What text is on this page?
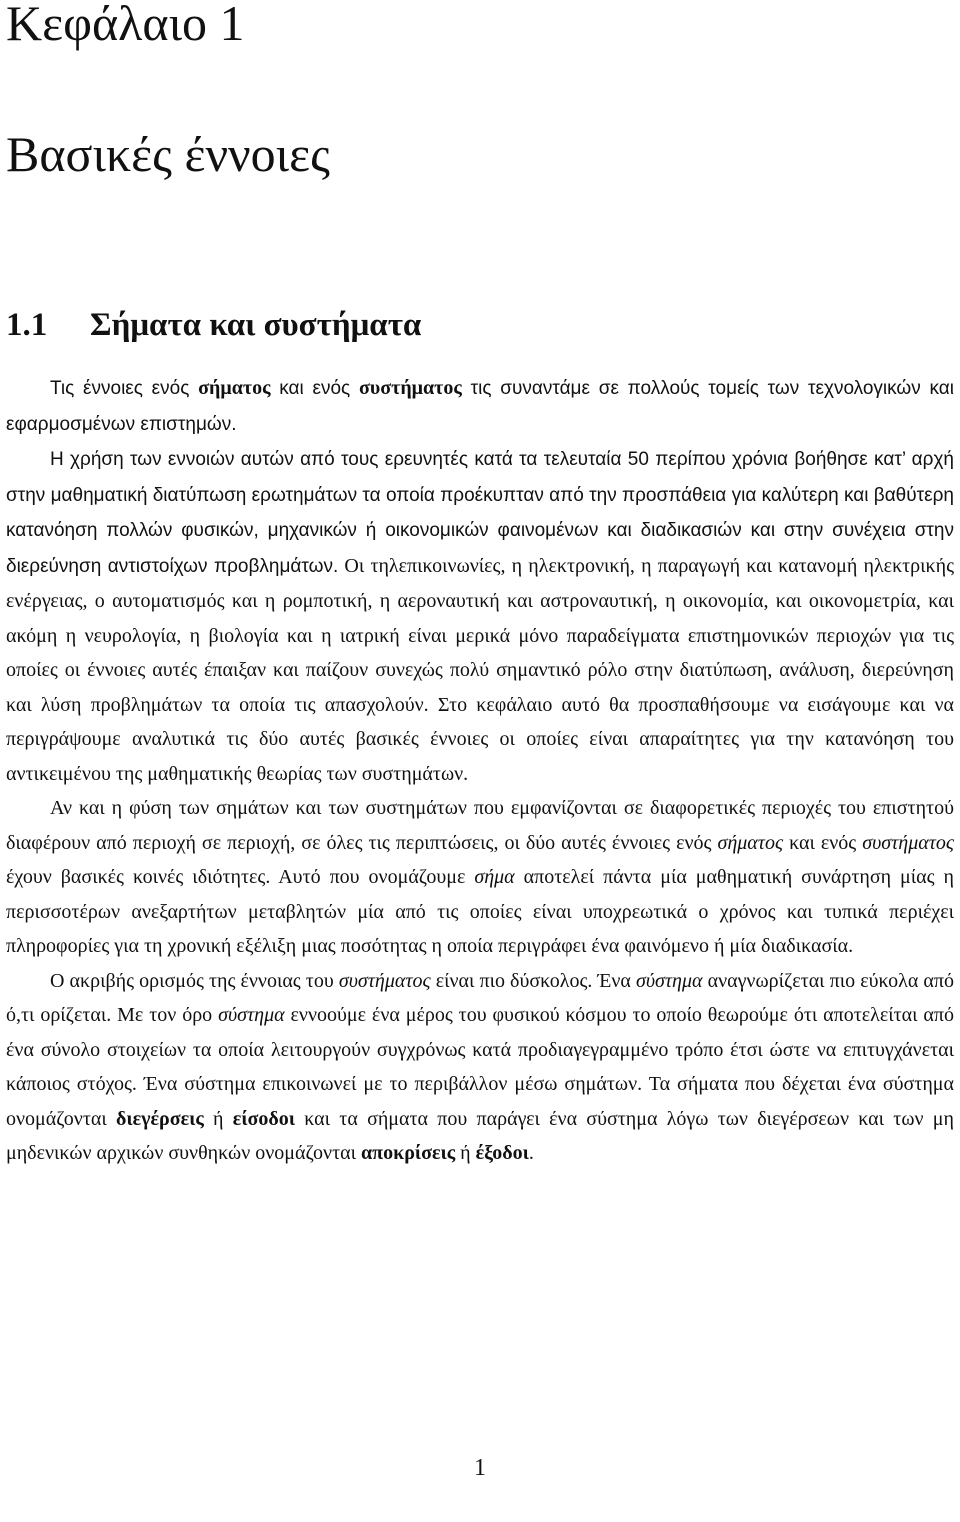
Κεφάλαιο 1
Βασικές έννοιες
1.1 Σήματα και συστήματα

Τις έννοιες ενός σήματος και ενός συστήματος τις συναντάμε σε πολλούς τομείς των τεχνολογικών και εφαρμοσμένων επιστημών.

Η χρήση των εννοιών αυτών από τους ερευνητές κατά τα τελευταία 50 περίπου χρόνια βοήθησε κατ’ αρχή στην μαθηματική διατύπωση ερωτημάτων τα οποία προέκυπταν από την προσπάθεια για καλύτερη και βαθύτερη κατανόηση πολλών φυσικών, μηχανικών ή οικονομικών φαινομένων και διαδικασιών και στην συνέχεια στην διερεύνηση αντιστοίχων προβλημάτων. Οι τηλεπικοινωνίες, η ηλεκτρονική, η παραγωγή και κατανομή ηλεκτρικής ενέργειας, ο αυτοματισμός και η ρομποτική, η αεροναυτική και αστροναυτική, η οικονομία, και οικονομετρία, και ακόμη η νευρολογία, η βιολογία και η ιατρική είναι μερικά μόνο παραδείγματα επιστημονικών περιοχών για τις οποίες οι έννοιες αυτές έπαιξαν και παίζουν συνεχώς πολύ σημαντικό ρόλο στην διατύπωση, ανάλυση, διερεύνηση και λύση προβλημάτων τα οποία τις απασχολούν. Στο κεφάλαιο αυτό θα προσπαθήσουμε να εισάγουμε και να περιγράψουμε αναλυτικά τις δύο αυτές βασικές έννοιες οι οποίες είναι απαραίτητες για την κατανόηση του αντικειμένου της μαθηματικής θεωρίας των συστημάτων.

Αν και η φύση των σημάτων και των συστημάτων που εμφανίζονται σε διαφορετικές περιοχές του επιστητού διαφέρουν από περιοχή σε περιοχή, σε όλες τις περιπτώσεις, οι δύο αυτές έννοιες ενός σήματος και ενός συστήματος έχουν βασικές κοινές ιδιότητες. Αυτό που ονομάζουμε σήμα αποτελεί πάντα μία μαθηματική συνάρτηση μίας η περισσοτέρων ανεξαρτήτων μεταβλητών μία από τις οποίες είναι υποχρεωτικά ο χρόνος και τυπικά περιέχει πληροφορίες για τη χρονική εξέλιξη μιας ποσότητας η οποία περιγράφει ένα φαινόμενο ή μία διαδικασία.

Ο ακριβής ορισμός της έννοιας του συστήματος είναι πιο δύσκολος. Ένα σύστημα αναγνωρίζεται πιο εύκολα από ό,τι ορίζεται. Με τον όρο σύστημα εννοούμε ένα μέρος του φυσικού κόσμου το οποίο θεωρούμε ότι αποτελείται από ένα σύνολο στοιχείων τα οποία λειτουργούν συγχρόνως κατά προδιαγεγραμμένο τρόπο έτσι ώστε να επιτυγχάνεται κάποιος στόχος. Ένα σύστημα επικοινωνεί με το περιβάλλον μέσω σημάτων. Τα σήματα που δέχεται ένα σύστημα ονομάζονται διεγέρσεις ή είσοδοι και τα σήματα που παράγει ένα σύστημα λόγω των διεγέρσεων και των μη μηδενικών αρχικών συνθηκών ονομάζονται αποκρίσεις ή έξοδοι.

1
